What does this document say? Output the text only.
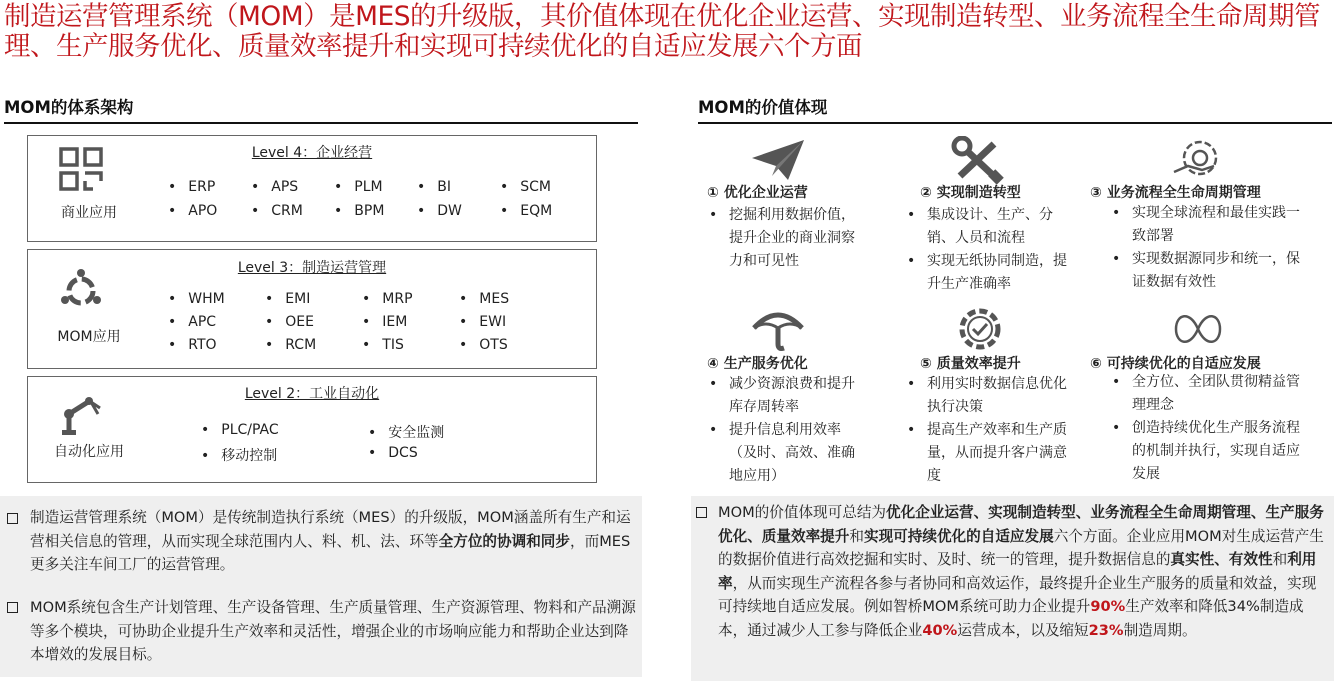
制造运营管理系统（MOM）是MES的升级版，其价值体现在优化企业运营、实现制造转型、业务流程全生命周期管理、生产服务优化、质量效率提升和实现可持续优化的自适应发展六个方面
MOM的体系架构	MOM的价值体现
Level 4：企业经营
商业应用
• ERP	• APS	• PLM	• BI	• SCM
• APO	• CRM	• BPM	• DW	• EQM
Level 3：制造运营管理
MOM应用
• WHM	• EMI	• MRP	• MES
• APC	• OEE	• IEM	• EWI
• RTO	• RCM	• TIS	• OTS
Level 2：工业自动化
自动化应用
• PLC/PAC	• 安全监测
• 移动控制	• DCS
① 优化企业运营
• 挖掘利用数据价值，提升企业的商业洞察力和可见性
② 实现制造转型
• 集成设计、生产、分销、人员和流程
• 实现无纸协同制造，提升生产准确率
③ 业务流程全生命周期管理
• 实现全球流程和最佳实践一致部署
• 实现数据源同步和统一，保证数据有效性
④ 生产服务优化
• 减少资源浪费和提升库存周转率
• 提升信息利用效率（及时、高效、准确地应用）
⑤ 质量效率提升
• 利用实时数据信息优化执行决策
• 提高生产效率和生产质量，从而提升客户满意度
⑥ 可持续优化的自适应发展
• 全方位、全团队贯彻精益管理理念
• 创造持续优化生产服务流程的机制并执行，实现自适应发展
制造运营管理系统（MOM）是传统制造执行系统（MES）的升级版，MOM涵盖所有生产和运营相关信息的管理，从而实现全球范围内人、料、机、法、环等全方位的协调和同步，而MES更多关注车间工厂的运营管理。
MOM系统包含生产计划管理、生产设备管理、生产质量管理、生产资源管理、物料和产品溯源等多个模块，可协助企业提升生产效率和灵活性，增强企业的市场响应能力和帮助企业达到降本增效的发展目标。
MOM的价值体现可总结为优化企业运营、实现制造转型、业务流程全生命周期管理、生产服务优化、质量效率提升和实现可持续优化的自适应发展六个方面。企业应用MOM对生成运营产生的数据价值进行高效挖掘和实时、及时、统一的管理，提升数据信息的真实性、有效性和利用率，从而实现生产流程各参与者协同和高效运作，最终提升企业生产服务的质量和效益，实现可持续地自适应发展。例如智桥MOM系统可助力企业提升90%生产效率和降低34%制造成本，通过减少人工参与降低企业40%运营成本，以及缩短23%制造周期。
